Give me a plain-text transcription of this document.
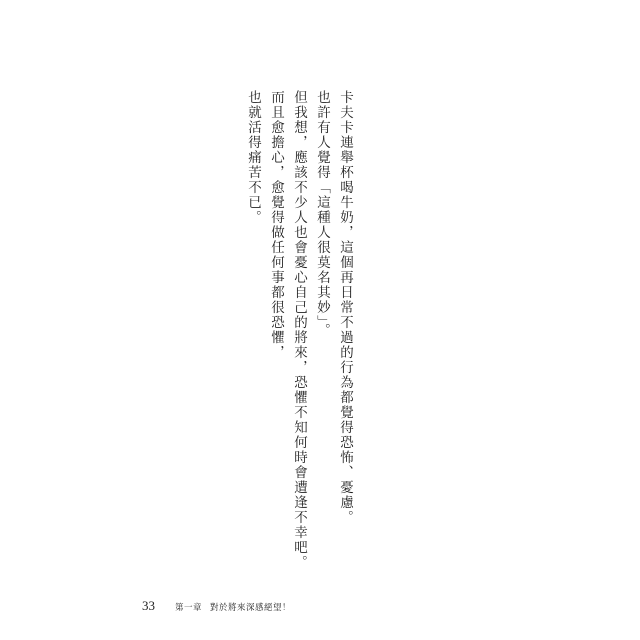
卡夫卡連舉杯喝牛奶，這個再日常不過的行為都覺得恐怖、憂慮。

也許有人覺得「這種人很莫名其妙」。

但我想，應該不少人也會憂心自己的將來，恐懼不知何時會遭逢不幸吧。

而且愈擔心，愈覺得做任何事都很恐懼，

也就活得痛苦不已。

33 第一章 對於將來深感絕望！
